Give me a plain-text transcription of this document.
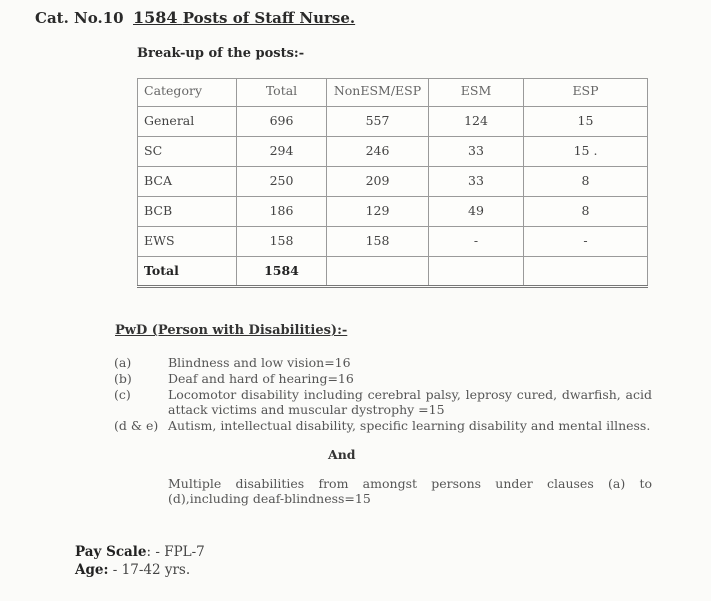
Cat. No.10 1584 Posts of Staff Nurse.
Break-up of the posts:-
Category	Total	NonESM/ESP	ESM	ESP
General	696	557	124	15
SC	294	246	33	15 .
BCA	250	209	33	8
BCB	186	129	49	8
EWS	158	158	-	-
Total	1584			
PwD (Person with Disabilities):-
(a)	Blindness and low vision=16
(b)	Deaf and hard of hearing=16
(c)	Locomotor disability including cerebral palsy, leprosy cured, dwarfish, acid attack victims and muscular dystrophy =15
(d & e) Autism, intellectual disability, specific learning disability and mental illness.
And
Multiple disabilities from amongst persons under clauses (a) to (d),including deaf-blindness=15
Pay Scale: - FPL-7
Age: - 17-42 yrs.
